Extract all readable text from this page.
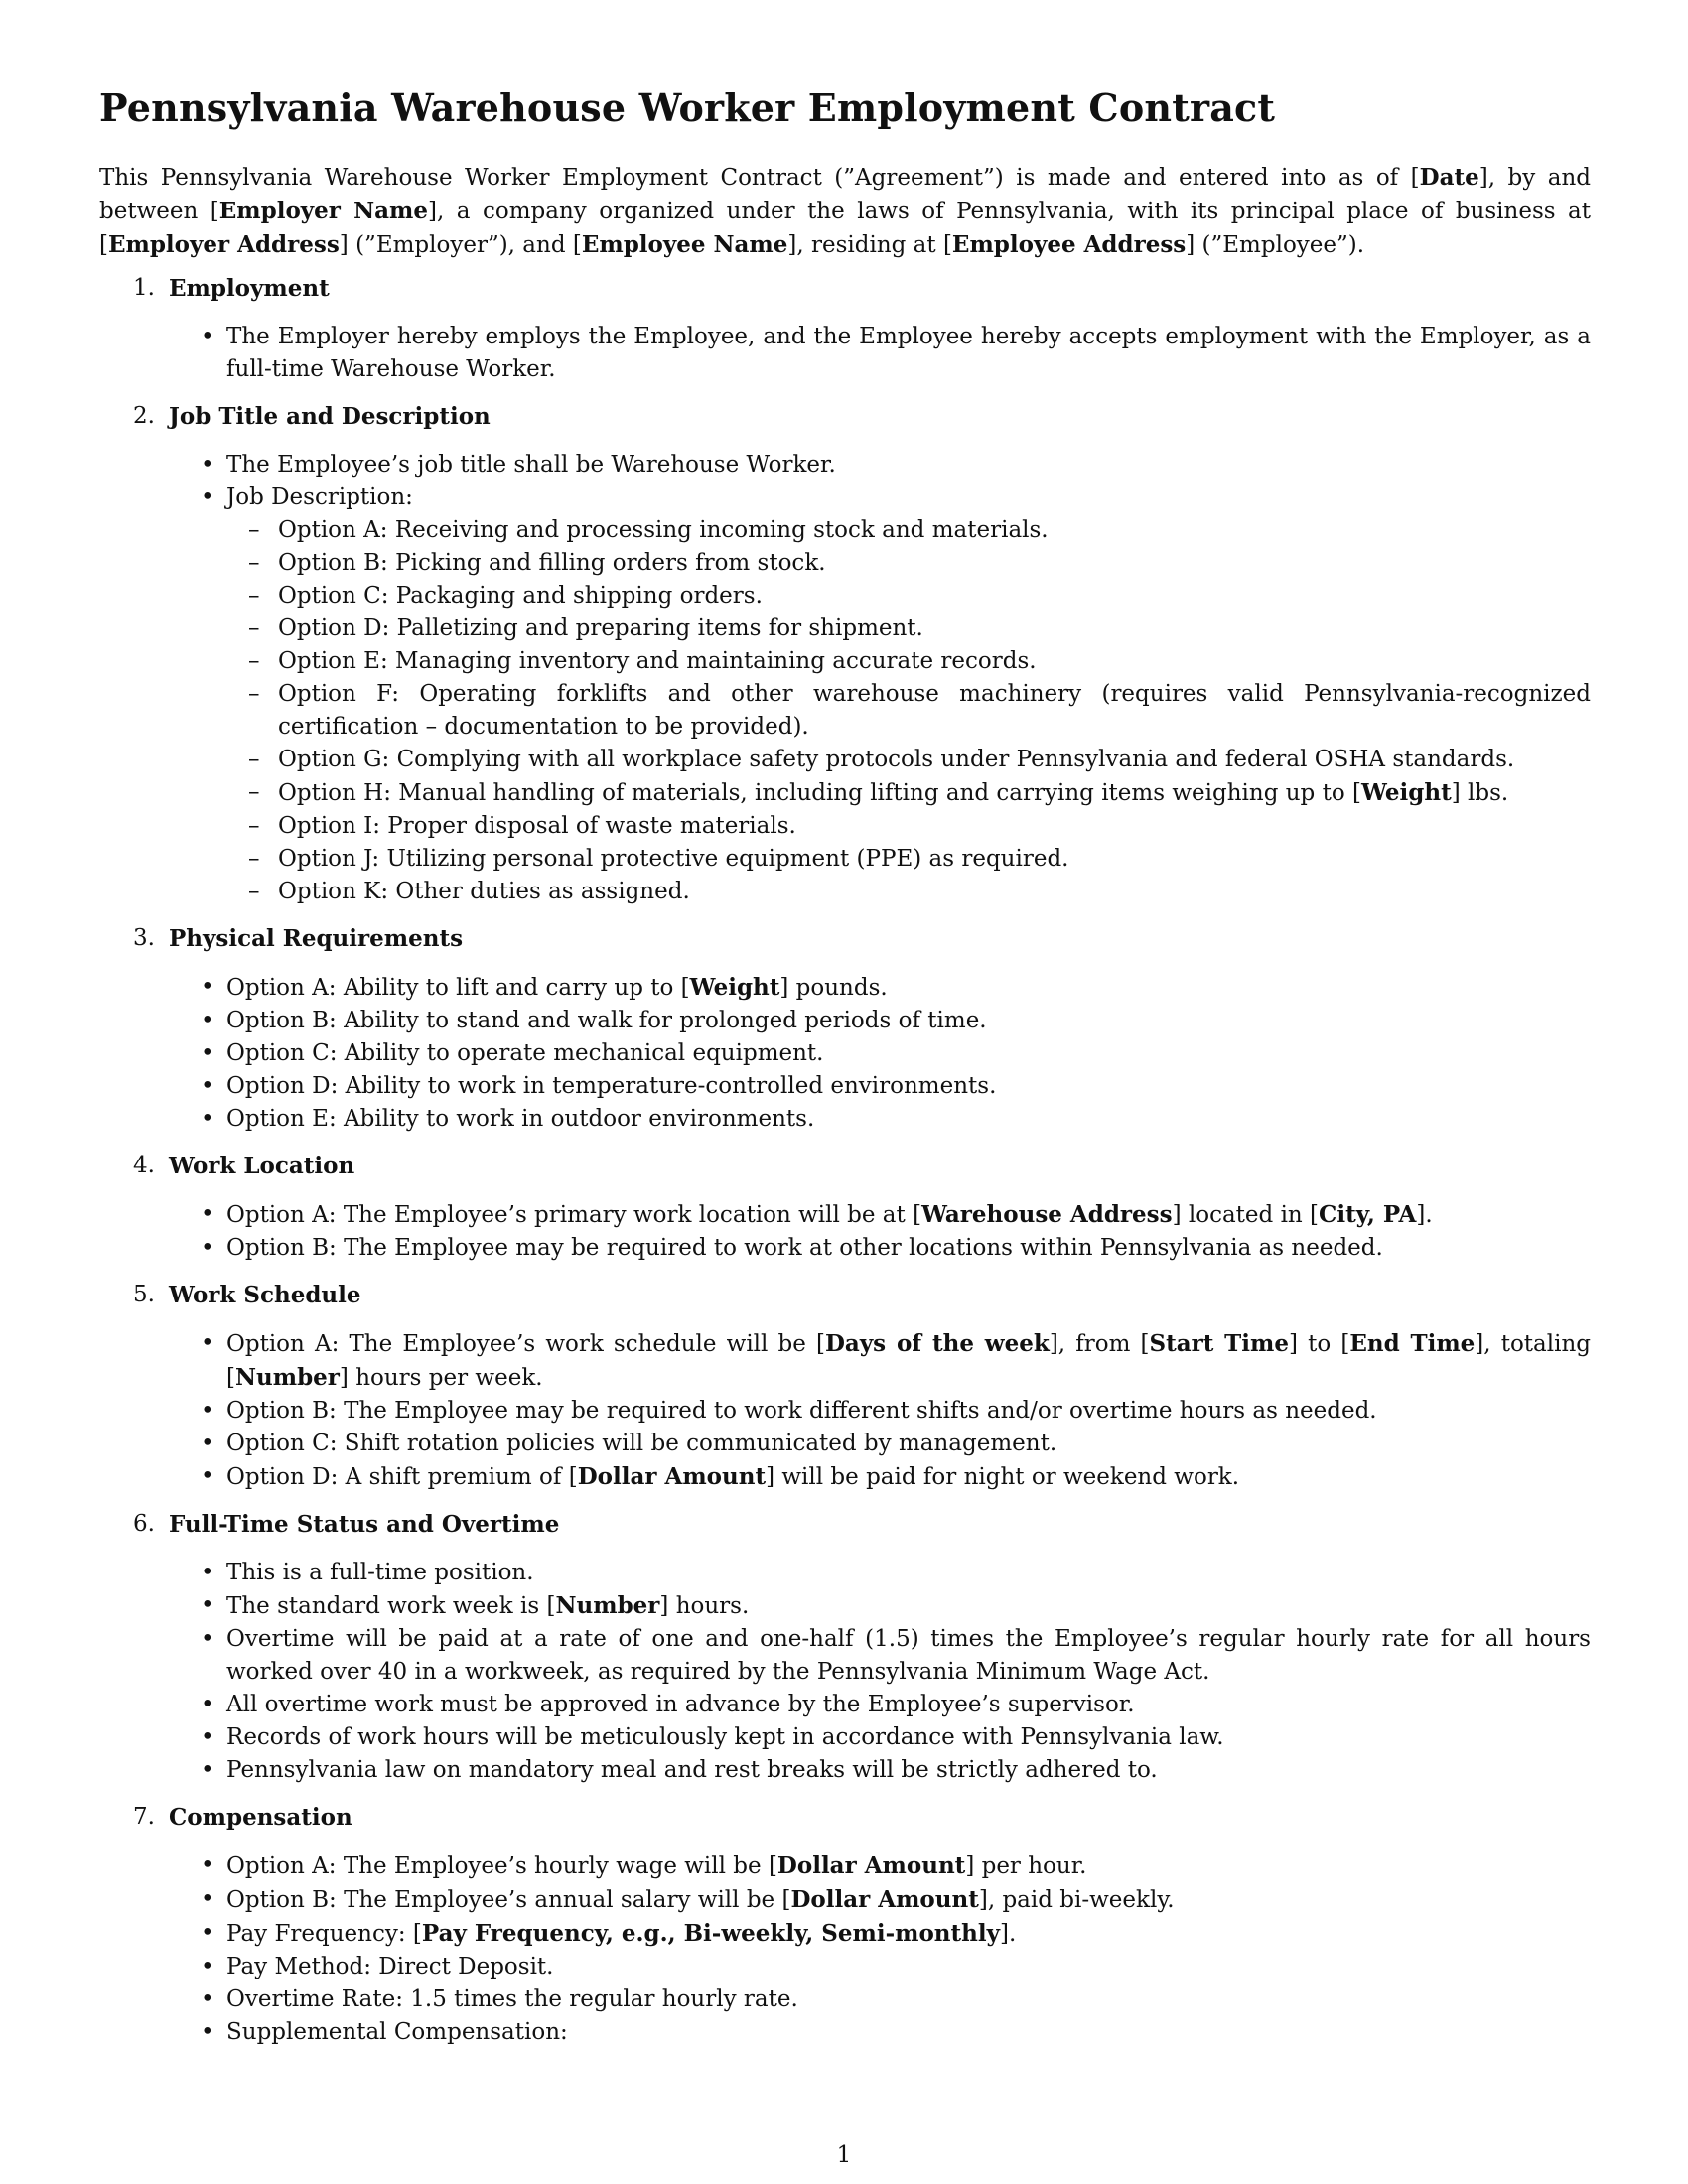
Pennsylvania Warehouse Worker Employment Contract

This Pennsylvania Warehouse Worker Employment Contract (”Agreement”) is made and entered into as of [Date], by and between [Employer Name], a company organized under the laws of Pennsylvania, with its principal place of business at [Employer Address] (”Employer”), and [Employee Name], residing at [Employee Address] (”Employee”).

1. Employment
• The Employer hereby employs the Employee, and the Employee hereby accepts employment with the Employer, as a full-time Warehouse Worker.
2. Job Title and Description
• The Employee’s job title shall be Warehouse Worker.
• Job Description:
– Option A: Receiving and processing incoming stock and materials.
– Option B: Picking and filling orders from stock.
– Option C: Packaging and shipping orders.
– Option D: Palletizing and preparing items for shipment.
– Option E: Managing inventory and maintaining accurate records.
– Option F: Operating forklifts and other warehouse machinery (requires valid Pennsylvania-recognized certification – documentation to be provided).
– Option G: Complying with all workplace safety protocols under Pennsylvania and federal OSHA standards.
– Option H: Manual handling of materials, including lifting and carrying items weighing up to [Weight] lbs.
– Option I: Proper disposal of waste materials.
– Option J: Utilizing personal protective equipment (PPE) as required.
– Option K: Other duties as assigned.
3. Physical Requirements
• Option A: Ability to lift and carry up to [Weight] pounds.
• Option B: Ability to stand and walk for prolonged periods of time.
• Option C: Ability to operate mechanical equipment.
• Option D: Ability to work in temperature-controlled environments.
• Option E: Ability to work in outdoor environments.
4. Work Location
• Option A: The Employee’s primary work location will be at [Warehouse Address] located in [City, PA].
• Option B: The Employee may be required to work at other locations within Pennsylvania as needed.
5. Work Schedule
• Option A: The Employee’s work schedule will be [Days of the week], from [Start Time] to [End Time], totaling [Number] hours per week.
• Option B: The Employee may be required to work different shifts and/or overtime hours as needed.
• Option C: Shift rotation policies will be communicated by management.
• Option D: A shift premium of [Dollar Amount] will be paid for night or weekend work.
6. Full-Time Status and Overtime
• This is a full-time position.
• The standard work week is [Number] hours.
• Overtime will be paid at a rate of one and one-half (1.5) times the Employee’s regular hourly rate for all hours worked over 40 in a workweek, as required by the Pennsylvania Minimum Wage Act.
• All overtime work must be approved in advance by the Employee’s supervisor.
• Records of work hours will be meticulously kept in accordance with Pennsylvania law.
• Pennsylvania law on mandatory meal and rest breaks will be strictly adhered to.
7. Compensation
• Option A: The Employee’s hourly wage will be [Dollar Amount] per hour.
• Option B: The Employee’s annual salary will be [Dollar Amount], paid bi-weekly.
• Pay Frequency: [Pay Frequency, e.g., Bi-weekly, Semi-monthly].
• Pay Method: Direct Deposit.
• Overtime Rate: 1.5 times the regular hourly rate.
• Supplemental Compensation:
1
